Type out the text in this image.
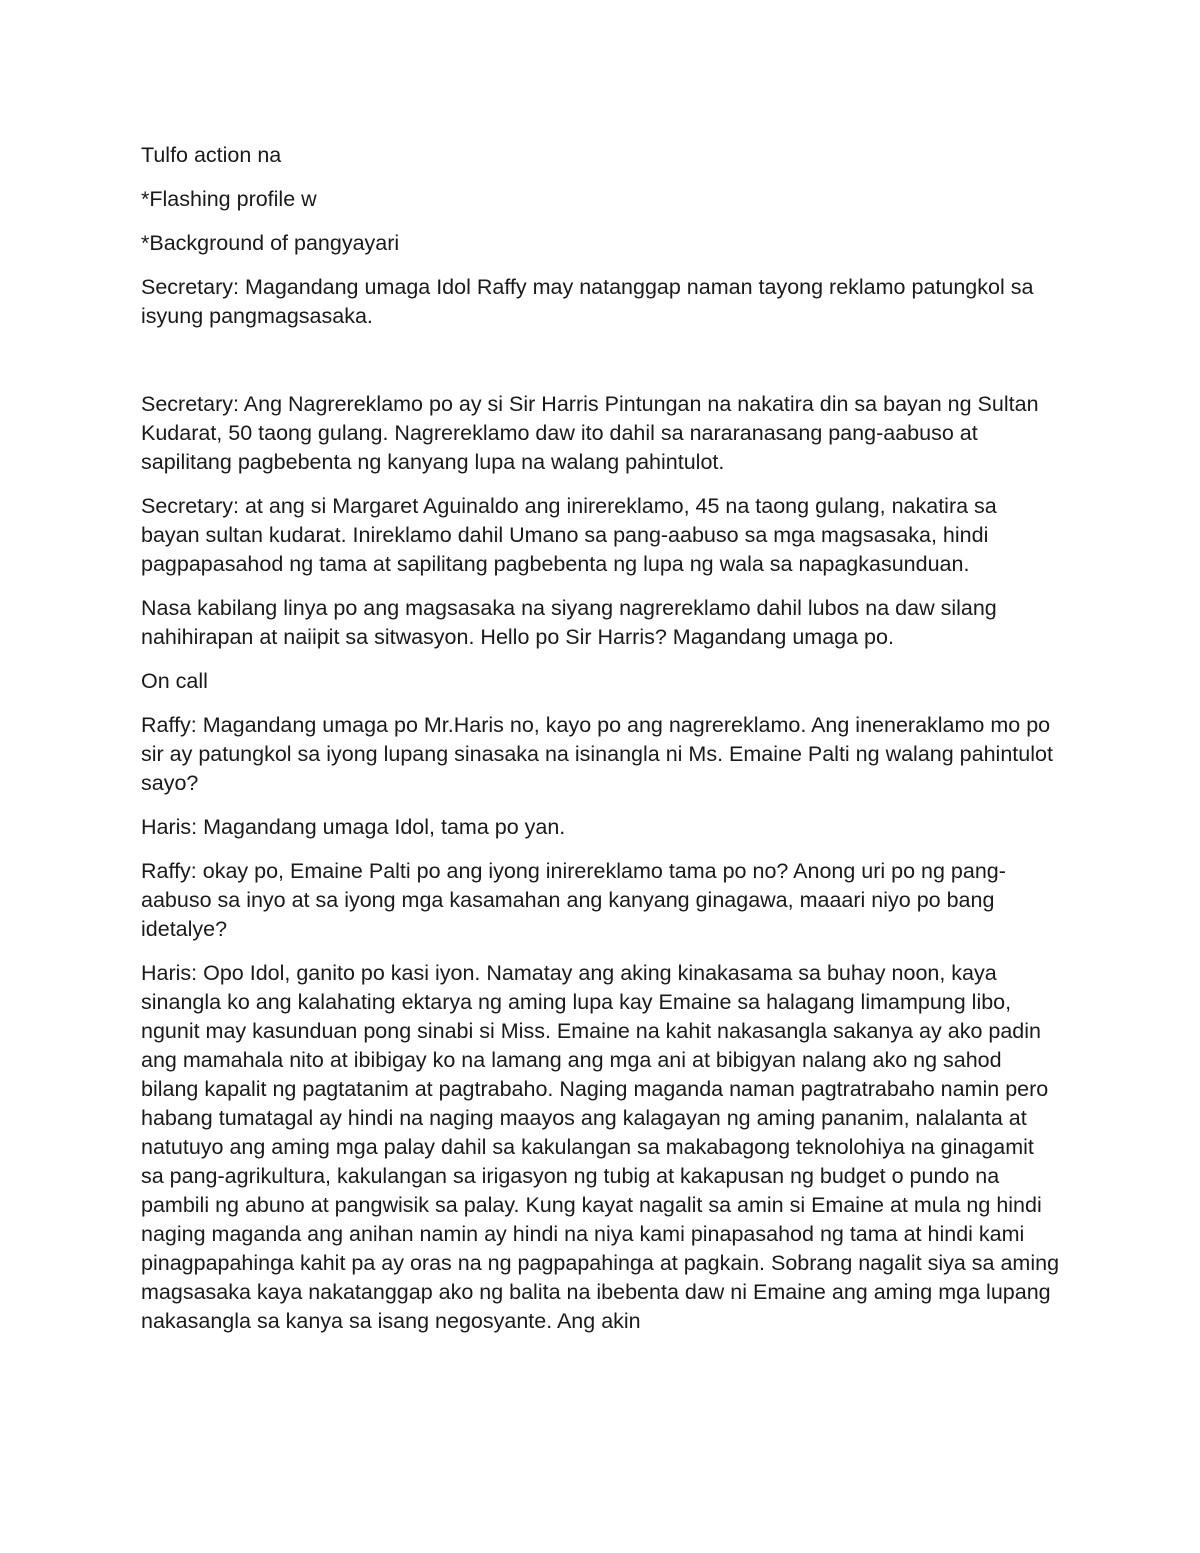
Tulfo action na

*Flashing profile w

*Background of pangyayari

Secretary: Magandang umaga Idol Raffy may natanggap naman tayong reklamo patungkol sa isyung pangmagsasaka.

Secretary: Ang Nagrereklamo po ay si Sir Harris Pintungan na nakatira din sa bayan ng Sultan Kudarat, 50 taong gulang. Nagrereklamo daw ito dahil sa nararanasang pang-aabuso at sapilitang pagbebenta ng kanyang lupa na walang pahintulot.

Secretary: at ang si Margaret Aguinaldo ang inirereklamo, 45 na taong gulang, nakatira sa bayan sultan kudarat. Inireklamo dahil Umano sa pang-aabuso sa mga magsasaka, hindi pagpapasahod ng tama at sapilitang pagbebenta ng lupa ng wala sa napagkasunduan.

Nasa kabilang linya po ang magsasaka na siyang nagrereklamo dahil lubos na daw silang nahihirapan at naiipit sa sitwasyon. Hello po Sir Harris? Magandang umaga po.

On call

Raffy: Magandang umaga po Mr.Haris no, kayo po ang nagrereklamo. Ang ineneraklamo mo po sir ay patungkol sa iyong lupang sinasaka na isinangla ni Ms. Emaine Palti ng walang pahintulot sayo?

Haris: Magandang umaga Idol, tama po yan.

Raffy: okay po, Emaine Palti po ang iyong inirereklamo tama po no? Anong uri po ng pang-aabuso sa inyo at sa iyong mga kasamahan ang kanyang ginagawa, maaari niyo po bang idetalye?

Haris: Opo Idol, ganito po kasi iyon. Namatay ang aking kinakasama sa buhay noon, kaya sinangla ko ang kalahating ektarya ng aming lupa kay Emaine sa halagang limampung libo, ngunit may kasunduan pong sinabi si Miss. Emaine na kahit nakasangla sakanya ay ako padin ang mamahala nito at ibibigay ko na lamang ang mga ani at bibigyan nalang ako ng sahod bilang kapalit ng pagtatanim at pagtrabaho. Naging maganda naman pagtratrabaho namin pero habang tumatagal ay hindi na naging maayos ang kalagayan ng aming pananim, nalalanta at natutuyo ang aming mga palay dahil sa kakulangan sa makabagong teknolohiya na ginagamit sa pang-agrikultura, kakulangan sa irigasyon ng tubig at kakapusan ng budget o pundo na pambili ng abuno at pangwisik sa palay. Kung kayat nagalit sa amin si Emaine at mula ng hindi naging maganda ang anihan namin ay hindi na niya kami pinapasahod ng tama at hindi kami pinagpapahinga kahit pa ay oras na ng pagpapahinga at pagkain. Sobrang nagalit siya sa aming magsasaka kaya nakatanggap ako ng balita na ibebenta daw ni Emaine ang aming mga lupang nakasangla sa kanya sa isang negosyante. Ang akin
